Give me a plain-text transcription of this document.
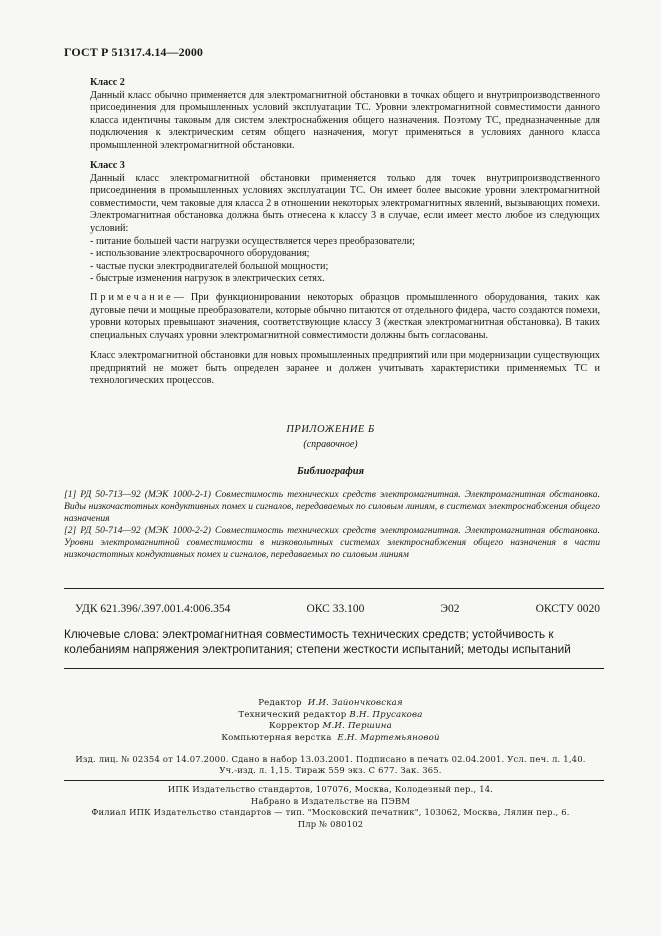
ГОСТ Р 51317.4.14—2000
Класс 2

Данный класс обычно применяется для электромагнитной обстановки в точках общего и внутрипроизводственного присоединения для промышленных условий эксплуатации ТС. Уровни электромагнитной совместимости данного класса идентичны таковым для систем электроснабжения общего назначения. Поэтому ТС, предназначенные для подключения к электрическим сетям общего назначения, могут применяться в условиях данного класса промышленной электромагнитной обстановки.

Класс 3

Данный класс электромагнитной обстановки применяется только для точек внутрипроизводственного присоединения в промышленных условиях эксплуатации ТС. Он имеет более высокие уровни электромагнитной совместимости, чем таковые для класса 2 в отношении некоторых электромагнитных явлений, вызывающих помехи. Электромагнитная обстановка должна быть отнесена к классу 3 в случае, если имеет место любое из следующих условий:

- питание большей части нагрузки осуществляется через преобразователи;
- использование электросварочного оборудования;
- частые пуски электродвигателей большой мощности;
- быстрые изменения нагрузок в электрических сетях.

Примечание— При функционировании некоторых образцов промышленного оборудования, таких как дуговые печи и мощные преобразователи, которые обычно питаются от отдельного фидера, часто создаются помехи, уровни которых превышают значения, соответствующие классу 3 (жесткая электромагнитная обстановка). В таких специальных случаях уровни электромагнитной совместимости должны быть согласованы.

Класс электромагнитной обстановки для новых промышленных предприятий или при модернизации существующих предприятий не может быть определен заранее и должен учитывать характеристики применяемых ТС и технологических процессов.

ПРИЛОЖЕНИЕ Б
(справочное)
Библиография

[1] РД 50-713—92 (МЭК 1000-2-1) Совместимость технических средств электромагнитная. Электромагнитная обстановка. Виды низкочастотных кондуктивных помех и сигналов, передаваемых по силовым линиям, в системах электроснабжения общего назначения

[2] РД 50-714—92 (МЭК 1000-2-2) Совместимость технических средств электромагнитная. Электромагнитная обстановка. Уровни электромагнитной совместимости в низковольтных системах электроснабжения общего назначения в части низкочастотных кондуктивных помех и сигналов, передаваемых по силовым линиям

УДК 621.396/.397.001.4:006.354	ОКС 33.100	Э02	ОКСТУ 0020
Ключевые слова: электромагнитная совместимость технических средств; устойчивость к колебаниям напряжения электропитания; степени жесткости испытаний; методы испытаний
Редактор И.И. Зайончковская
Технический редактор В.Н. Прусакова
Корректор М.И. Першина
Компьютерная верстка Е.Н. Мартемьяновой
Изд. лиц. № 02354 от 14.07.2000. Сдано в набор 13.03.2001. Подписано в печать 02.04.2001. Усл. печ. л. 1,40.
Уч.-изд. л. 1,15. Тираж 559 экз. С 677. Зак. 365.
ИПК Издательство стандартов, 107076, Москва, Колодезный пер., 14.
Набрано в Издательстве на ПЭВМ
Филиал ИПК Издательство стандартов — тип. "Московский печатник", 103062, Москва, Лялин пер., 6.
Плр № 080102
